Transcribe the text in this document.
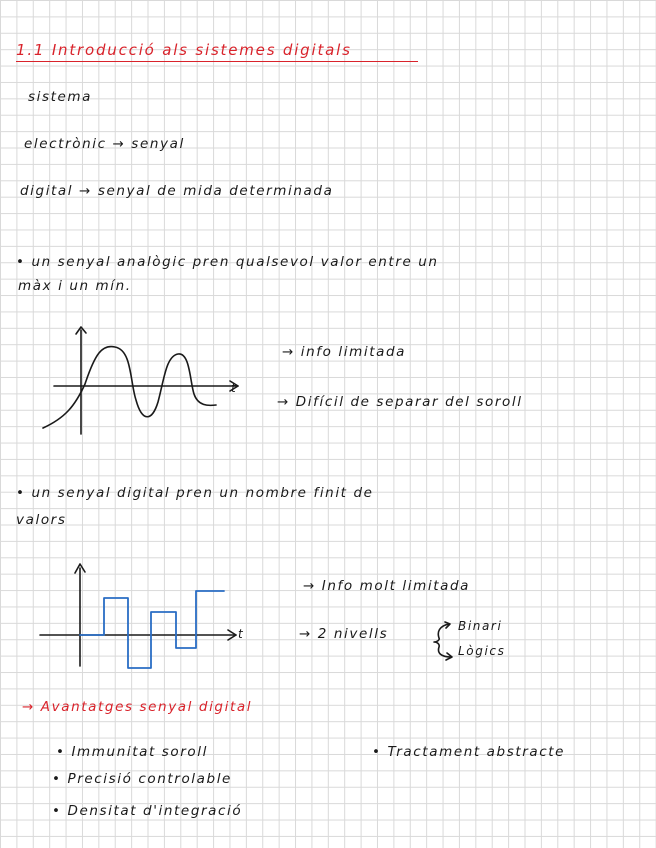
1.1 Introducció als sistemes digitals
sistema
electrònic → senyal
digital → senyal de mida determinada
• un senyal analògic pren qualsevol valor entre un
màx i un mín.
t
→ info limitada
→ Difícil de separar del soroll
• un senyal digital pren un nombre finit de
valors
t
→ Info molt limitada
→ 2 nivells	Binari
Lògics
→ Avantatges senyal digital
• Immunitat soroll
• Precisió controlable
• Densitat d'integració
• Tractament abstracte
